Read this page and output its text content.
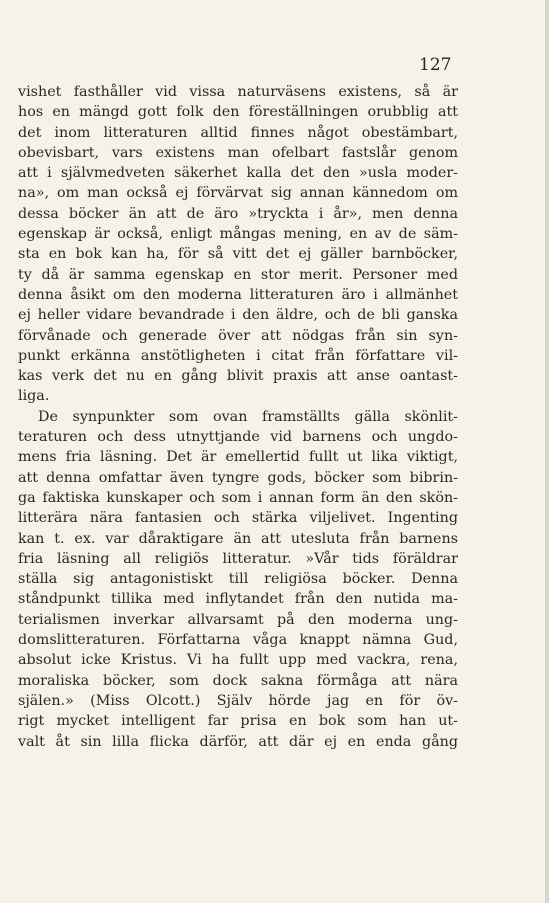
127
vishet fasthåller vid vissa naturväsens existens, så är
hos en mängd gott folk den föreställningen orubblig att
det inom litteraturen alltid finnes något obestämbart,
obevisbart, vars existens man ofelbart fastslår genom
att i självmedveten säkerhet kalla det den »usla moder-
na», om man också ej förvärvat sig annan kännedom om
dessa böcker än att de äro »tryckta i år», men denna
egenskap är också, enligt mångas mening, en av de säm-
sta en bok kan ha, för så vitt det ej gäller barnböcker,
ty då är samma egenskap en stor merit. Personer med
denna åsikt om den moderna litteraturen äro i allmänhet
ej heller vidare bevandrade i den äldre, och de bli ganska
förvånade och generade över att nödgas från sin syn-
punkt erkänna anstötligheten i citat från författare vil-
kas verk det nu en gång blivit praxis att anse oantast-
liga.
De synpunkter som ovan framställts gälla skönlit-
teraturen och dess utnyttjande vid barnens och ungdo-
mens fria läsning. Det är emellertid fullt ut lika viktigt,
att denna omfattar även tyngre gods, böcker som bibrin-
ga faktiska kunskaper och som i annan form än den skön-
litterära nära fantasien och stärka viljelivet. Ingenting
kan t. ex. var dåraktigare än att utesluta från barnens
fria läsning all religiös litteratur. »Vår tids föräldrar
ställa sig antagonistiskt till religiösa böcker. Denna
ståndpunkt tillika med inflytandet från den nutida ma-
terialismen inverkar allvarsamt på den moderna ung-
domslitteraturen. Författarna våga knappt nämna Gud,
absolut icke Kristus. Vi ha fullt upp med vackra, rena,
moraliska böcker, som dock sakna förmåga att nära
själen.» (Miss Olcott.) Själv hörde jag en för öv-
rigt mycket intelligent far prisa en bok som han ut-
valt åt sin lilla flicka därför, att där ej en enda gång
